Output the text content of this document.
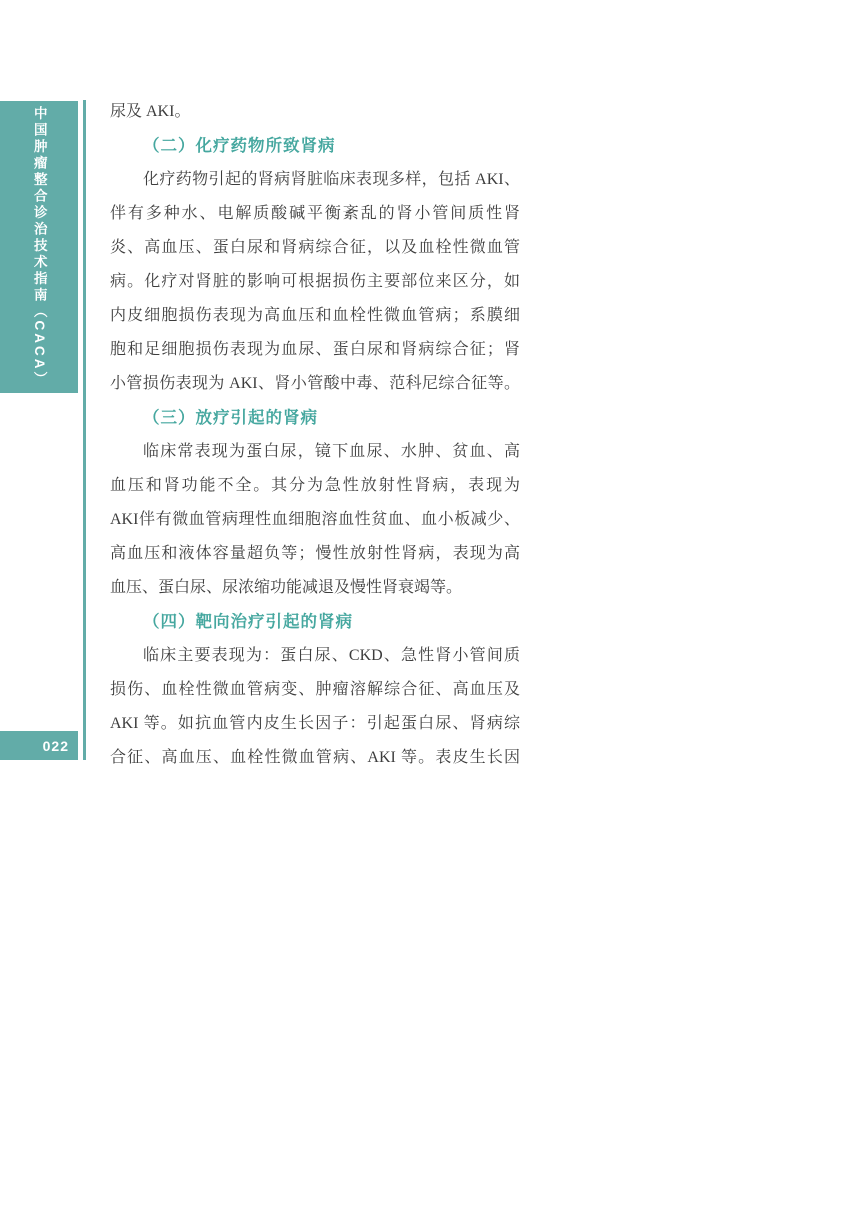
中国肿瘤整合诊治技术指南（CACA）
022
尿及 AKI。
（二）化疗药物所致肾病
化疗药物引起的肾病肾脏临床表现多样，包括 AKI、
伴有多种水、电解质酸碱平衡紊乱的肾小管间质性肾
炎、高血压、蛋白尿和肾病综合征，以及血栓性微血管
病。化疗对肾脏的影响可根据损伤主要部位来区分，如
内皮细胞损伤表现为高血压和血栓性微血管病；系膜细
胞和足细胞损伤表现为血尿、蛋白尿和肾病综合征；肾
小管损伤表现为 AKI、肾小管酸中毒、范科尼综合征等。
（三）放疗引起的肾病
临床常表现为蛋白尿，镜下血尿、水肿、贫血、高
血压和肾功能不全。其分为急性放射性肾病，表现为
AKI伴有微血管病理性血细胞溶血性贫血、血小板减少、
高血压和液体容量超负等；慢性放射性肾病，表现为高
血压、蛋白尿、尿浓缩功能减退及慢性肾衰竭等。
（四）靶向治疗引起的肾病
临床主要表现为：蛋白尿、CKD、急性肾小管间质
损伤、血栓性微血管病变、肿瘤溶解综合征、高血压及
AKI 等。如抗血管内皮生长因子：引起蛋白尿、肾病综
合征、高血压、血栓性微血管病、AKI 等。表皮生长因
